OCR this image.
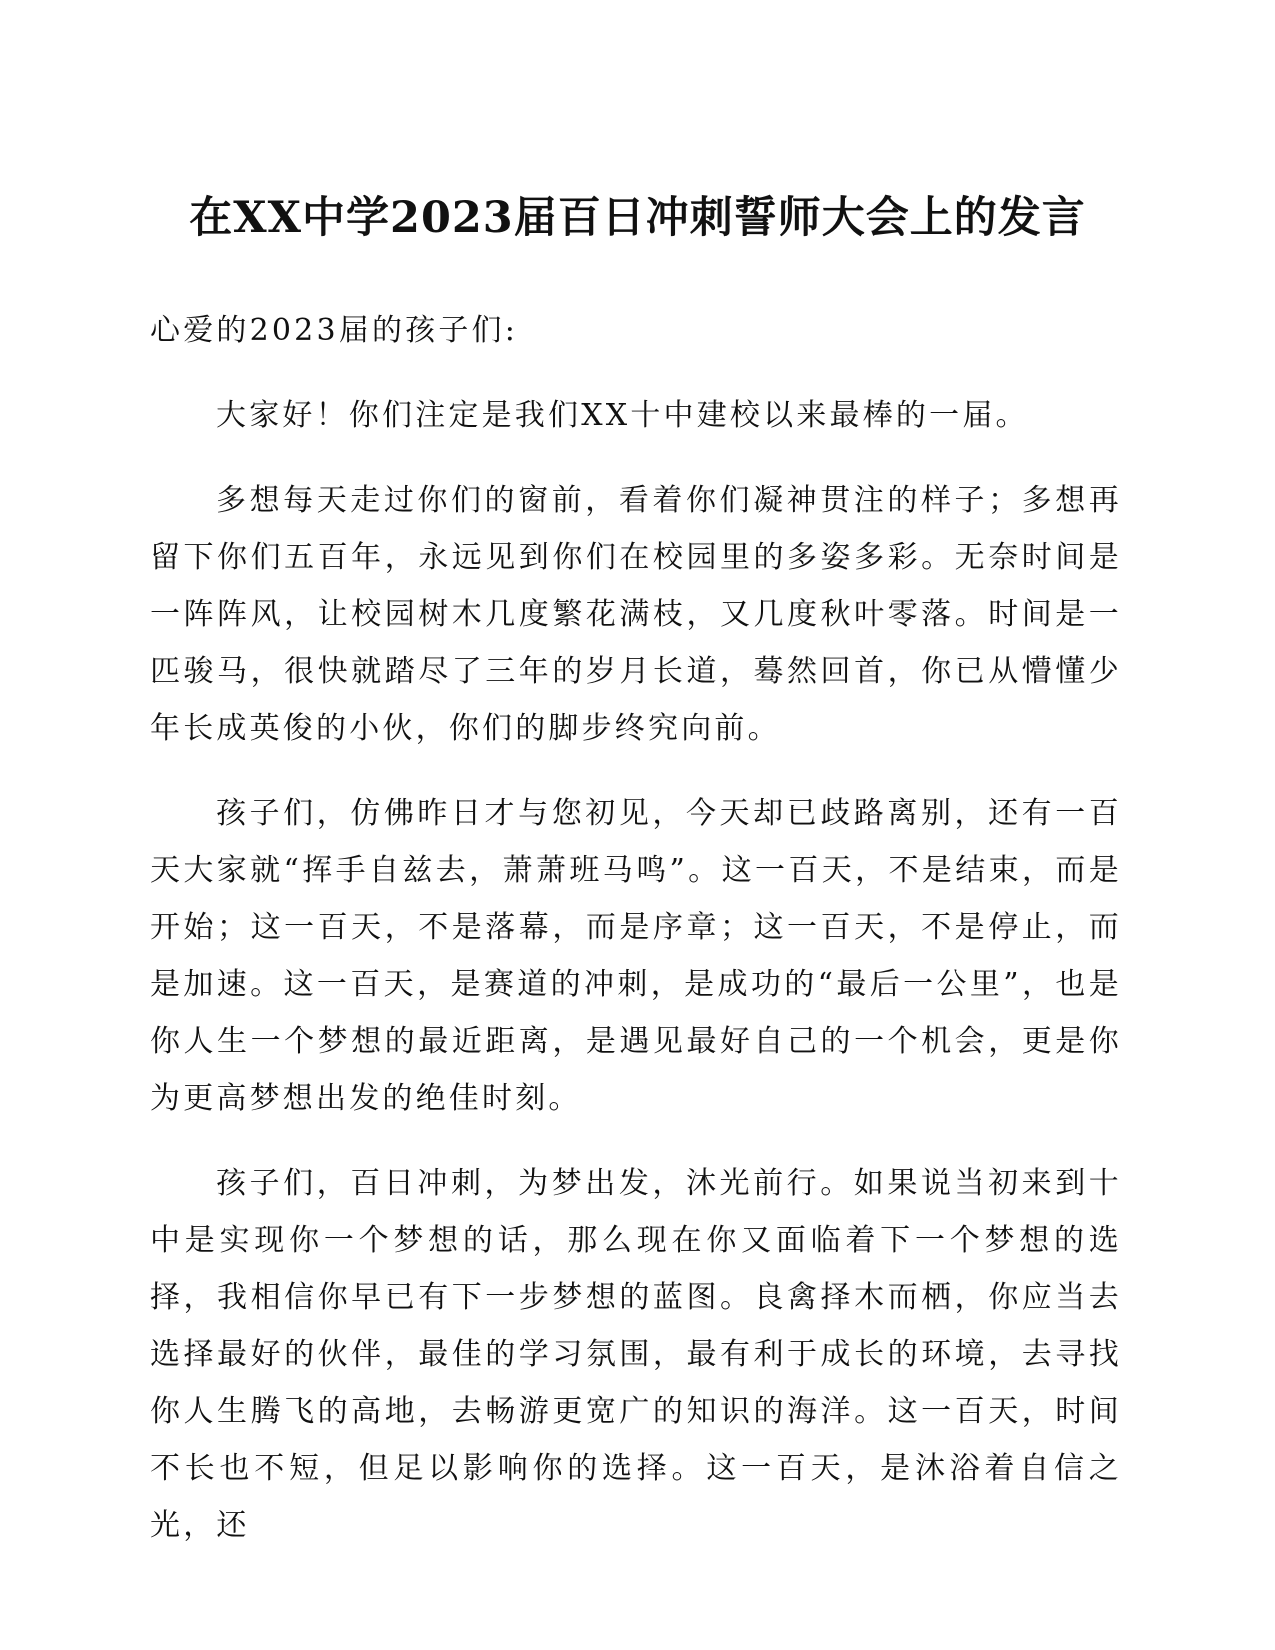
在XX中学2023届百日冲刺誓师大会上的发言

心爱的2023届的孩子们:

大家好！你们注定是我们XX十中建校以来最棒的一届。

多想每天走过你们的窗前，看着你们凝神贯注的样子；多想再留下你们五百年，永远见到你们在校园里的多姿多彩。无奈时间是一阵阵风，让校园树木几度繁花满枝，又几度秋叶零落。时间是一匹骏马，很快就踏尽了三年的岁月长道，蓦然回首，你已从懵懂少年长成英俊的小伙，你们的脚步终究向前。

孩子们，仿佛昨日才与您初见，今天却已歧路离别，还有一百天大家就“挥手自兹去，萧萧班马鸣”。这一百天，不是结束，而是开始；这一百天，不是落幕，而是序章；这一百天，不是停止，而是加速。这一百天，是赛道的冲刺，是成功的“最后一公里”，也是你人生一个梦想的最近距离，是遇见最好自己的一个机会，更是你为更高梦想出发的绝佳时刻。

孩子们，百日冲刺，为梦出发，沐光前行。如果说当初来到十中是实现你一个梦想的话，那么现在你又面临着下一个梦想的选择，我相信你早已有下一步梦想的蓝图。良禽择木而栖，你应当去选择最好的伙伴，最佳的学习氛围，最有利于成长的环境，去寻找你人生腾飞的高地，去畅游更宽广的知识的海洋。这一百天，时间不长也不短，但足以影响你的选择。这一百天，是沐浴着自信之光，还
